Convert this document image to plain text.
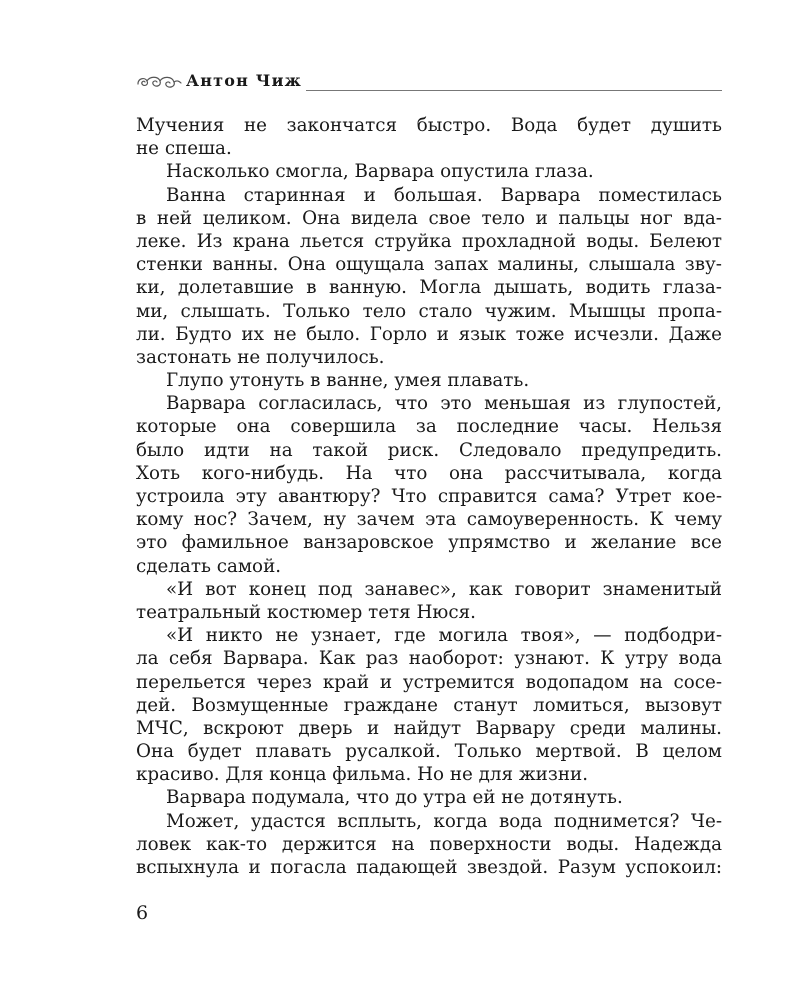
Антон Чиж
Мучения не закончатся быстро. Вода будет душить
не спеша.
Насколько смогла, Варвара опустила глаза.
Ванна старинная и большая. Варвара поместилась
в ней целиком. Она видела свое тело и пальцы ног вда-
леке. Из крана льется струйка прохладной воды. Белеют
стенки ванны. Она ощущала запах малины, слышала зву-
ки, долетавшие в ванную. Могла дышать, водить глаза-
ми, слышать. Только тело стало чужим. Мышцы пропа-
ли. Будто их не было. Горло и язык тоже исчезли. Даже
застонать не получилось.
Глупо утонуть в ванне, умея плавать.
Варвара согласилась, что это меньшая из глупостей,
которые она совершила за последние часы. Нельзя
было идти на такой риск. Следовало предупредить.
Хоть кого-нибудь. На что она рассчитывала, когда
устроила эту авантюру? Что справится сама? Утрет кое-
кому нос? Зачем, ну зачем эта самоуверенность. К чему
это фамильное ванзаровское упрямство и желание все
сделать самой.
«И вот конец под занавес», как говорит знаменитый
театральный костюмер тетя Нюся.
«И никто не узнает, где могила твоя», — подбодри-
ла себя Варвара. Как раз наоборот: узнают. К утру вода
перельется через край и устремится водопадом на сосе-
дей. Возмущенные граждане станут ломиться, вызовут
МЧС, вскроют дверь и найдут Варвару среди малины.
Она будет плавать русалкой. Только мертвой. В целом
красиво. Для конца фильма. Но не для жизни.
Варвара подумала, что до утра ей не дотянуть.
Может, удастся всплыть, когда вода поднимется? Че-
ловек как-то держится на поверхности воды. Надежда
вспыхнула и погасла падающей звездой. Разум успокоил:
6
